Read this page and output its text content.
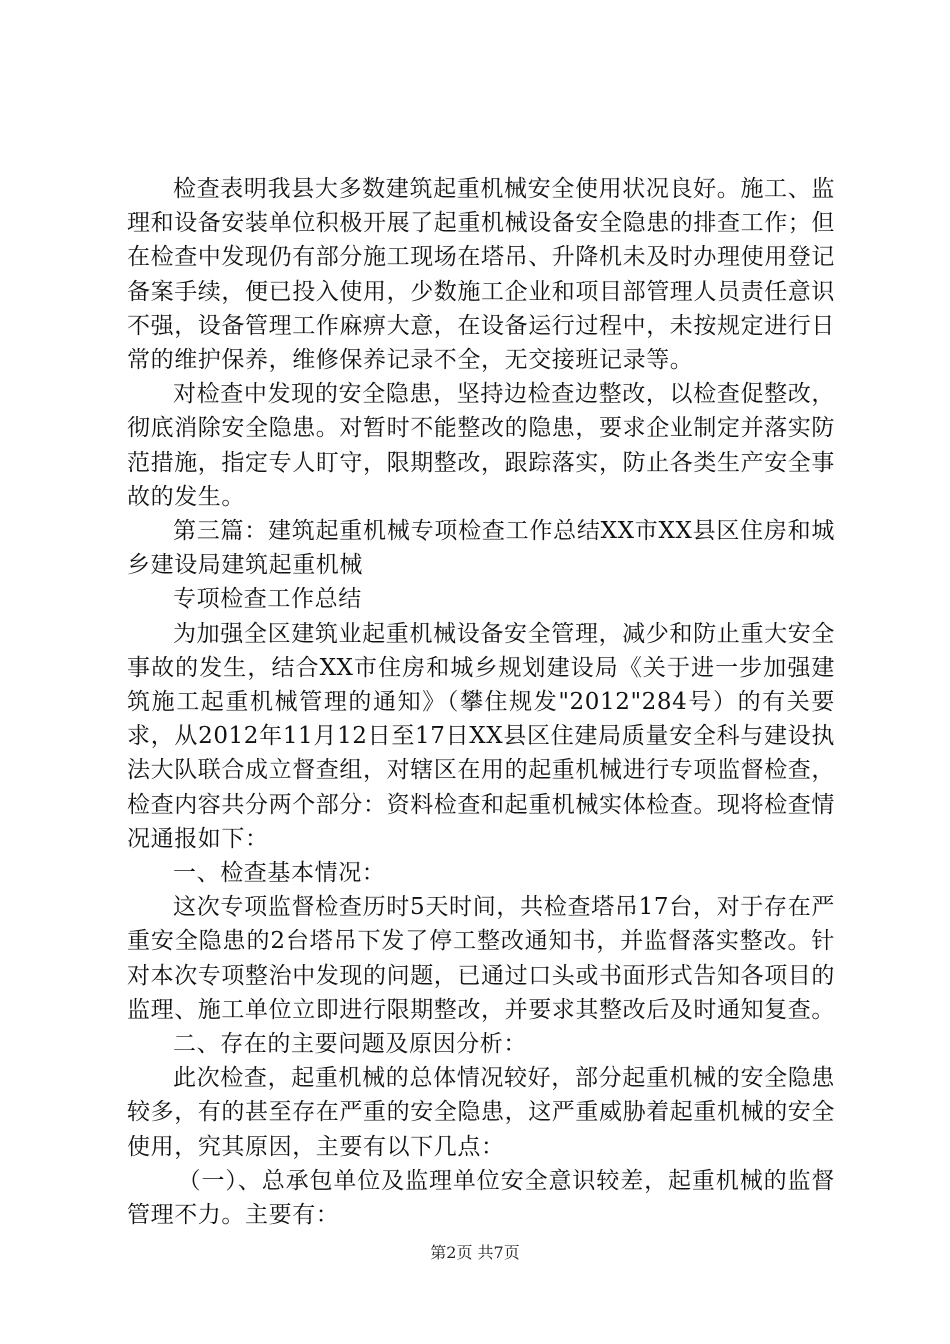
检查表明我县大多数建筑起重机械安全使用状况良好。施工、监理和设备安装单位积极开展了起重机械设备安全隐患的排查工作；但在检查中发现仍有部分施工现场在塔吊、升降机未及时办理使用登记备案手续，便已投入使用，少数施工企业和项目部管理人员责任意识不强，设备管理工作麻痹大意，在设备运行过程中，未按规定进行日常的维护保养，维修保养记录不全，无交接班记录等。

对检查中发现的安全隐患，坚持边检查边整改，以检查促整改，彻底消除安全隐患。对暂时不能整改的隐患，要求企业制定并落实防范措施，指定专人盯守，限期整改，跟踪落实，防止各类生产安全事故的发生。

第三篇：建筑起重机械专项检查工作总结XX市XX县区住房和城乡建设局建筑起重机械

专项检查工作总结

为加强全区建筑业起重机械设备安全管理，减少和防止重大安全事故的发生，结合XX市住房和城乡规划建设局《关于进一步加强建筑施工起重机械管理的通知》（攀住规发"2012"284号）的有关要求，从2012年11月12日至17日XX县区住建局质量安全科与建设执法大队联合成立督查组，对辖区在用的起重机械进行专项监督检查，检查内容共分两个部分：资料检查和起重机械实体检查。现将检查情况通报如下：

一、检查基本情况：

这次专项监督检查历时5天时间，共检查塔吊17台，对于存在严重安全隐患的2台塔吊下发了停工整改通知书，并监督落实整改。针对本次专项整治中发现的问题，已通过口头或书面形式告知各项目的监理、施工单位立即进行限期整改，并要求其整改后及时通知复查。

二、存在的主要问题及原因分析：

此次检查，起重机械的总体情况较好，部分起重机械的安全隐患较多，有的甚至存在严重的安全隐患，这严重威胁着起重机械的安全使用，究其原因，主要有以下几点：

（一）、总承包单位及监理单位安全意识较差，起重机械的监督管理不力。主要有：

第2页 共7页
